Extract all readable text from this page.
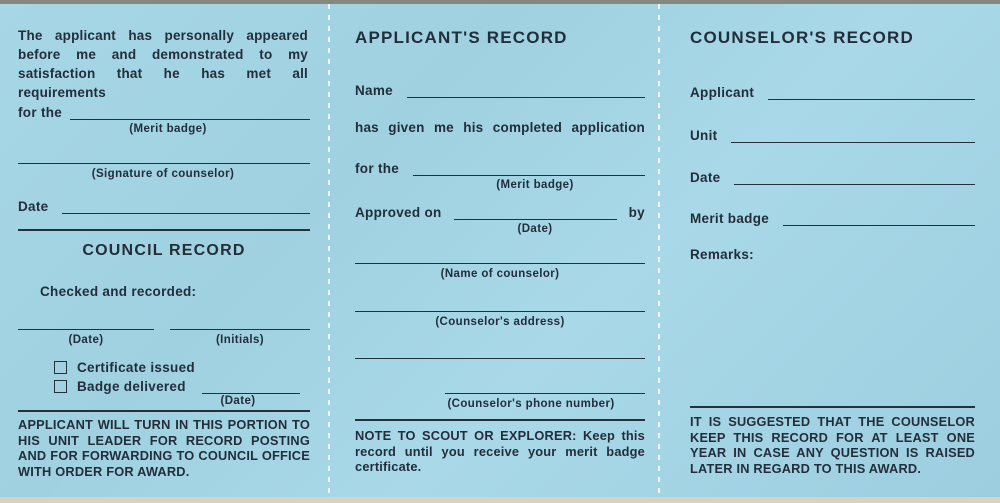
The applicant has personally appeared before me and demonstrated to my satisfaction that he has met all requirements
for the
(Merit badge)
(Signature of counselor)
Date
COUNCIL RECORD
Checked and recorded:
(Date)	(Initials)
Certificate issued
Badge delivered
(Date)
APPLICANT WILL TURN IN THIS PORTION TO HIS UNIT LEADER FOR RECORD POSTING AND FOR FORWARDING TO COUNCIL OFFICE WITH ORDER FOR AWARD.
APPLICANT'S RECORD
Name
has given me his completed application
for the
(Merit badge)
Approved on	by
(Date)
(Name of counselor)
(Counselor's address)
(Counselor's phone number)
NOTE TO SCOUT OR EXPLORER: Keep this record until you receive your merit badge certificate.
COUNSELOR'S RECORD
Applicant
Unit
Date
Merit badge
Remarks:
IT IS SUGGESTED THAT THE COUNSELOR KEEP THIS RECORD FOR AT LEAST ONE YEAR IN CASE ANY QUESTION IS RAISED LATER IN REGARD TO THIS AWARD.
